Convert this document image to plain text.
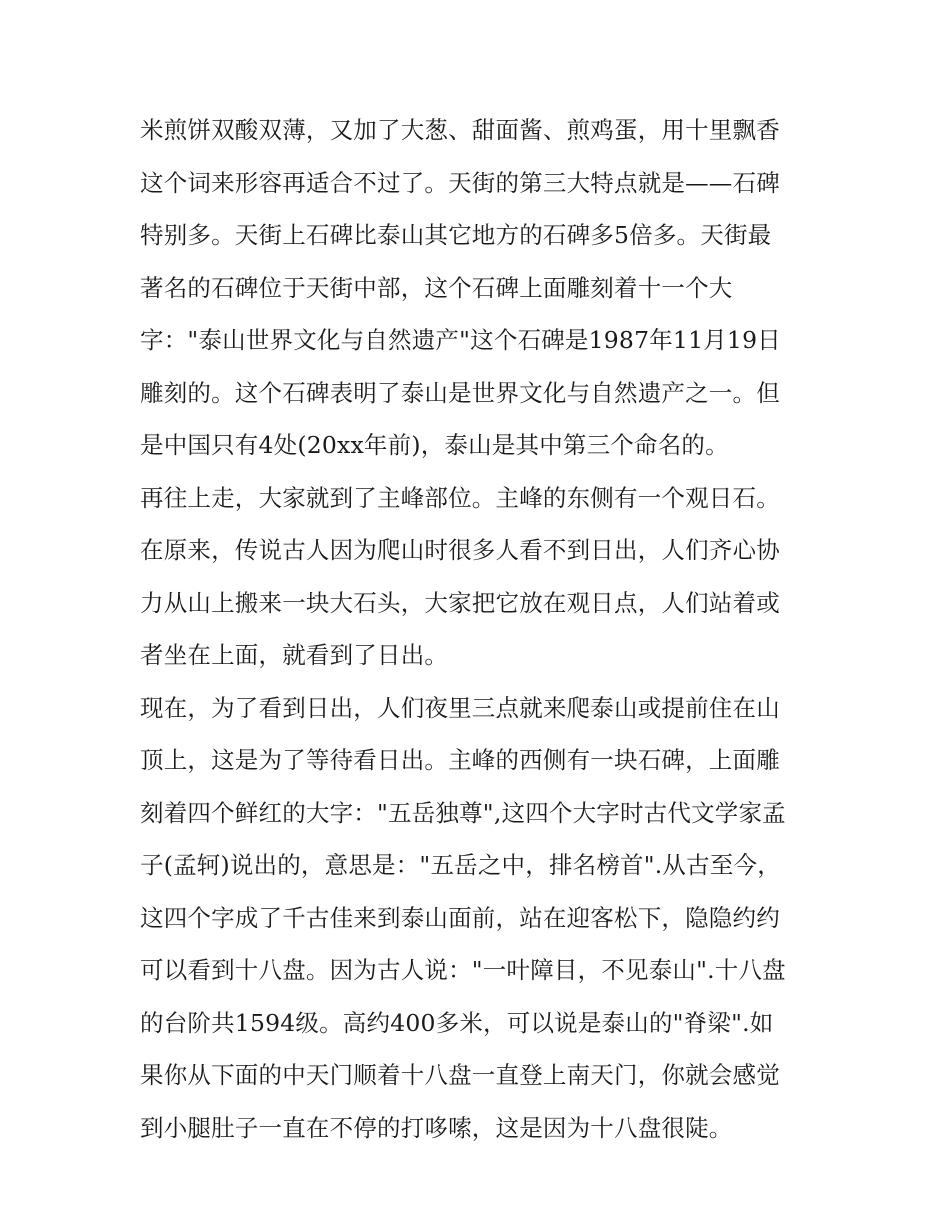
米煎饼双酸双薄，又加了大葱、甜面酱、煎鸡蛋，用十里飘香
这个词来形容再适合不过了。天街的第三大特点就是——石碑
特别多。天街上石碑比泰山其它地方的石碑多5倍多。天街最
著名的石碑位于天街中部，这个石碑上面雕刻着十一个大
字："泰山世界文化与自然遗产"这个石碑是1987年11月19日
雕刻的。这个石碑表明了泰山是世界文化与自然遗产之一。但
是中国只有4处(20xx年前)，泰山是其中第三个命名的。
再往上走，大家就到了主峰部位。主峰的东侧有一个观日石。
在原来，传说古人因为爬山时很多人看不到日出，人们齐心协
力从山上搬来一块大石头，大家把它放在观日点，人们站着或
者坐在上面，就看到了日出。
现在，为了看到日出，人们夜里三点就来爬泰山或提前住在山
顶上，这是为了等待看日出。主峰的西侧有一块石碑，上面雕
刻着四个鲜红的大字："五岳独尊",这四个大字时古代文学家孟
子(孟轲)说出的，意思是："五岳之中，排名榜首".从古至今，
这四个字成了千古佳来到泰山面前，站在迎客松下，隐隐约约
可以看到十八盘。因为古人说："一叶障目，不见泰山".十八盘
的台阶共1594级。高约400多米，可以说是泰山的"脊梁".如
果你从下面的中天门顺着十八盘一直登上南天门，你就会感觉
到小腿肚子一直在不停的打哆嗦，这是因为十八盘很陡。
